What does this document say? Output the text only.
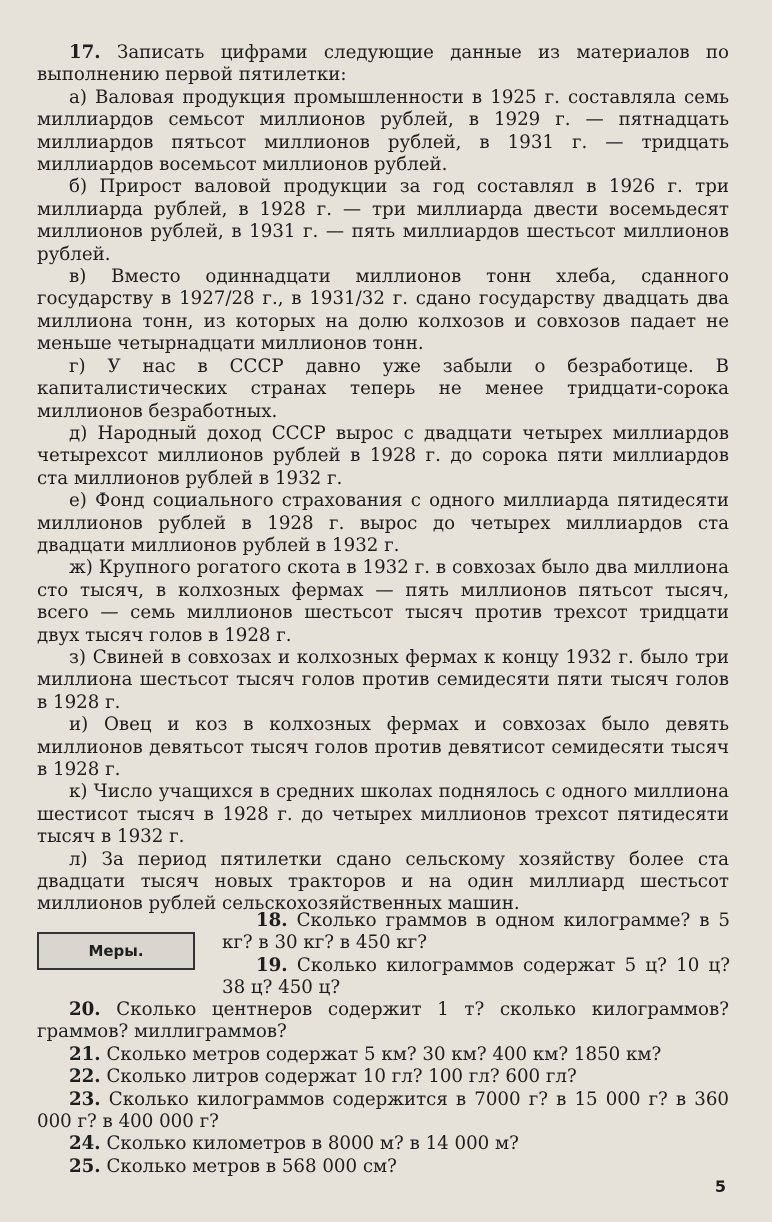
17. Записать цифрами следующие данные из материалов по выполнению первой пятилетки:

а) Валовая продукция промышленности в 1925 г. составляла семь миллиардов семьсот миллионов рублей, в 1929 г. — пятнадцать миллиардов пятьсот миллионов рублей, в 1931 г. — тридцать миллиардов восемьсот миллионов рублей.

б) Прирост валовой продукции за год составлял в 1926 г. три миллиарда рублей, в 1928 г. — три миллиарда двести восемьдесят миллионов рублей, в 1931 г. — пять миллиардов шестьсот миллионов рублей.

в) Вместо одиннадцати миллионов тонн хлеба, сданного государству в 1927/28 г., в 1931/32 г. сдано государству двадцать два миллиона тонн, из которых на долю колхозов и совхозов падает не меньше четырнадцати миллионов тонн.

г) У нас в СССР давно уже забыли о безработице. В капиталистических странах теперь не менее тридцати-сорока миллионов безработных.

д) Народный доход СССР вырос с двадцати четырех миллиардов четырехсот миллионов рублей в 1928 г. до сорока пяти миллиардов ста миллионов рублей в 1932 г.

е) Фонд социального страхования с одного миллиарда пятидесяти миллионов рублей в 1928 г. вырос до четырех миллиардов ста двадцати миллионов рублей в 1932 г.

ж) Крупного рогатого скота в 1932 г. в совхозах было два миллиона сто тысяч, в колхозных фермах — пять миллионов пятьсот тысяч, всего — семь миллионов шестьсот тысяч против трехсот тридцати двух тысяч голов в 1928 г.

з) Свиней в совхозах и колхозных фермах к концу 1932 г. было три миллиона шестьсот тысяч голов против семидесяти пяти тысяч голов в 1928 г.

и) Овец и коз в колхозных фермах и совхозах было девять миллионов девятьсот тысяч голов против девятисот семидесяти тысяч в 1928 г.

к) Число учащихся в средних школах поднялось с одного миллиона шестисот тысяч в 1928 г. до четырех миллионов трехсот пятидесяти тысяч в 1932 г.

л) За период пятилетки сдано сельскому хозяйству более ста двадцати тысяч новых тракторов и на один миллиард шестьсот миллионов рублей сельскохозяйственных машин.

Меры.

18. Сколько граммов в одном килограмме? в 5 кг? в 30 кг? в 450 кг?

19. Сколько килограммов содержат 5 ц? 10 ц? 38 ц? 450 ц?

20. Сколько центнеров содержит 1 т? сколько килограммов? граммов? миллиграммов?

21. Сколько метров содержат 5 км? 30 км? 400 км? 1850 км?

22. Сколько литров содержат 10 гл? 100 гл? 600 гл?

23. Сколько килограммов содержится в 7000 г? в 15 000 г? в 360 000 г? в 400 000 г?

24. Сколько километров в 8000 м? в 14 000 м?

25. Сколько метров в 568 000 см?

5
